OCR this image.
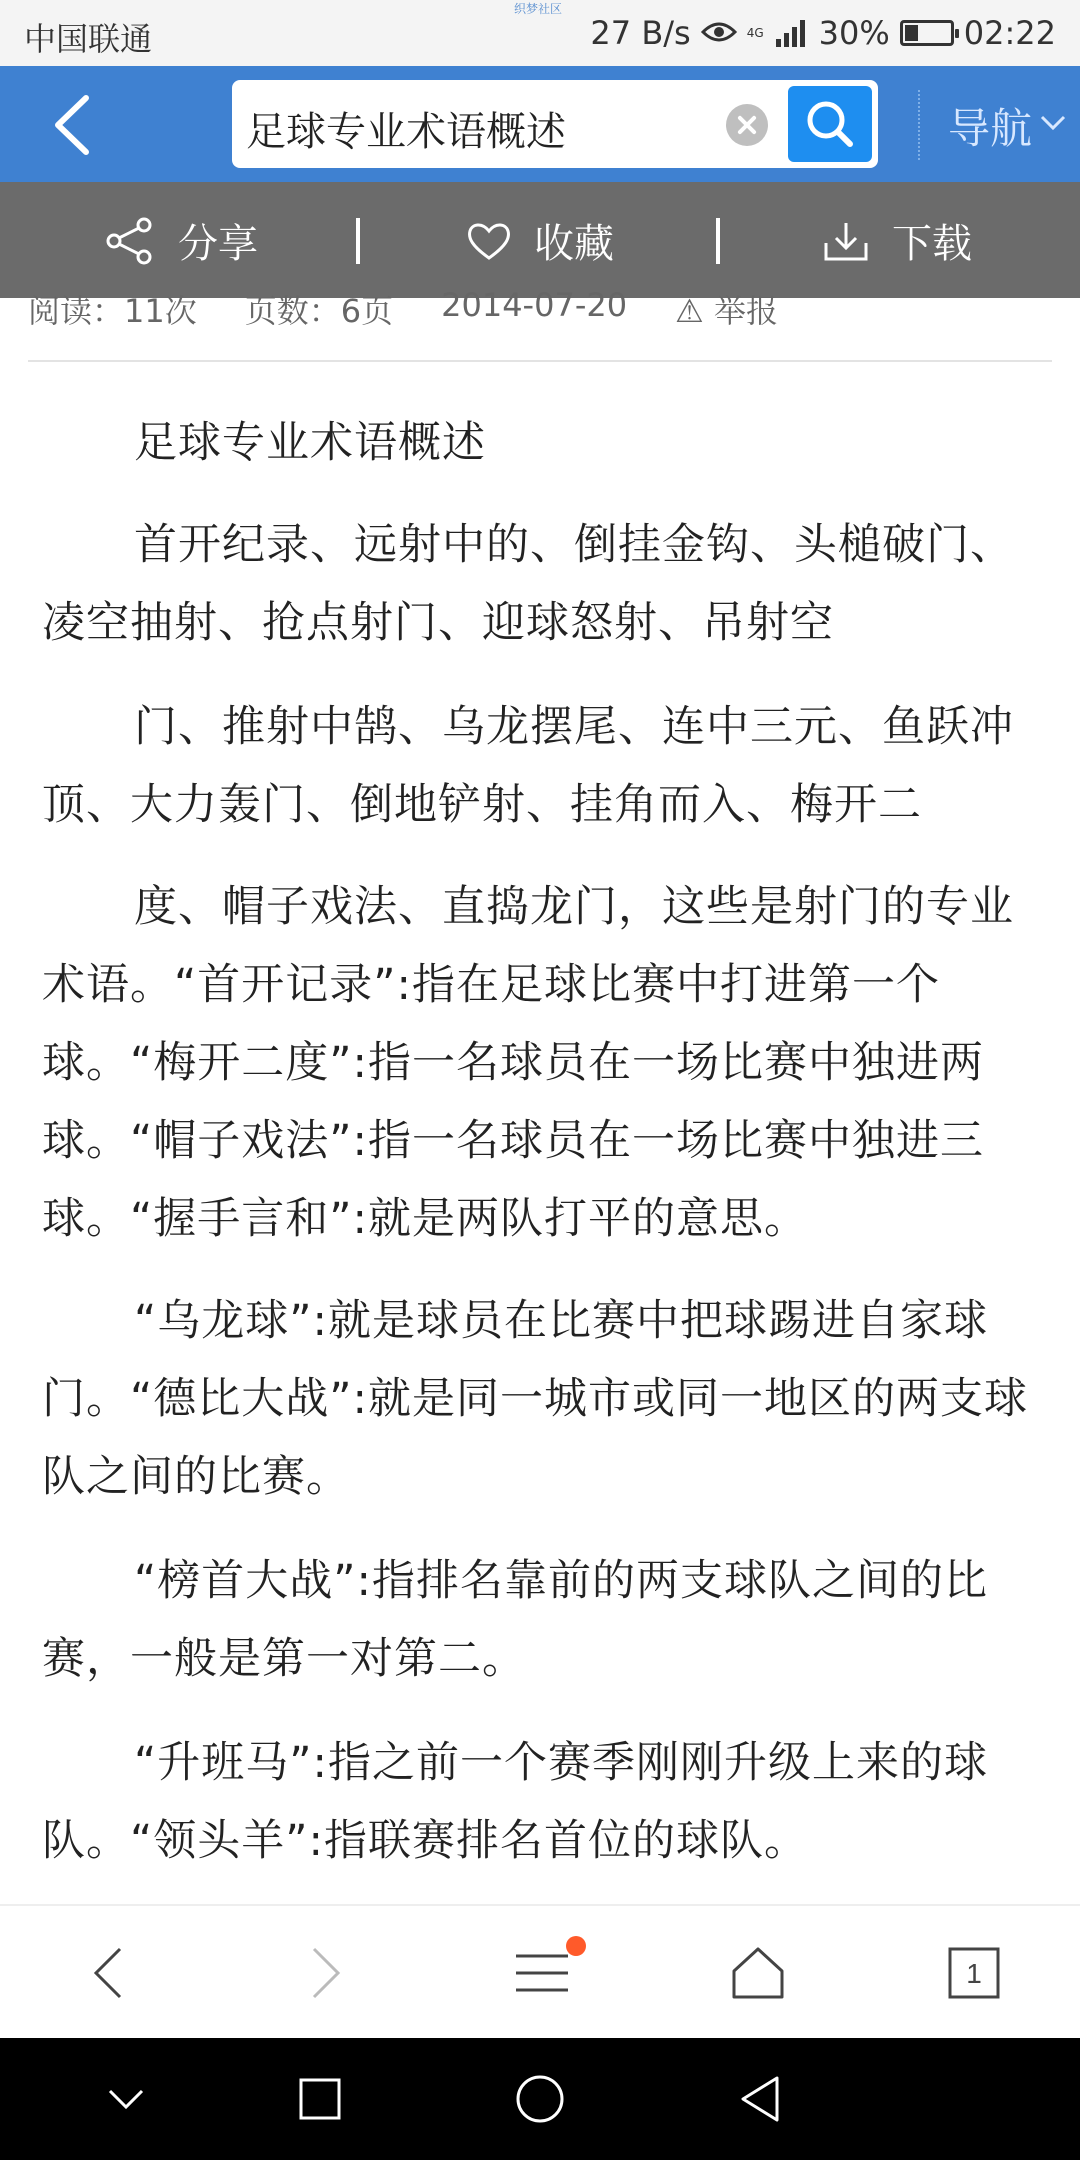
中国联通
织梦社区
27 B/s	4G 30% 02:22
足球专业术语概述	导航
分享	收藏	下载
阅读：11次 页数：6页 2014-07-20 ⚠ 举报

足球专业术语概述

首开纪录、远射中的、倒挂金钩、头槌破门、凌空抽射、抢点射门、迎球怒射、吊射空

门、推射中鹄、乌龙摆尾、连中三元、鱼跃冲顶、大力轰门、倒地铲射、挂角而入、梅开二

度、帽子戏法、直捣龙门，这些是射门的专业术语。“首开记录”:指在足球比赛中打进第一个球。“梅开二度”:指一名球员在一场比赛中独进两球。“帽子戏法”:指一名球员在一场比赛中独进三球。“握手言和”:就是两队打平的意思。

“乌龙球”:就是球员在比赛中把球踢进自家球门。“德比大战”:就是同一城市或同一地区的两支球队之间的比赛。

“榜首大战”:指排名靠前的两支球队之间的比赛，一般是第一对第二。

“升班马”:指之前一个赛季刚刚升级上来的球队。“领头羊”:指联赛排名首位的球队。

1
